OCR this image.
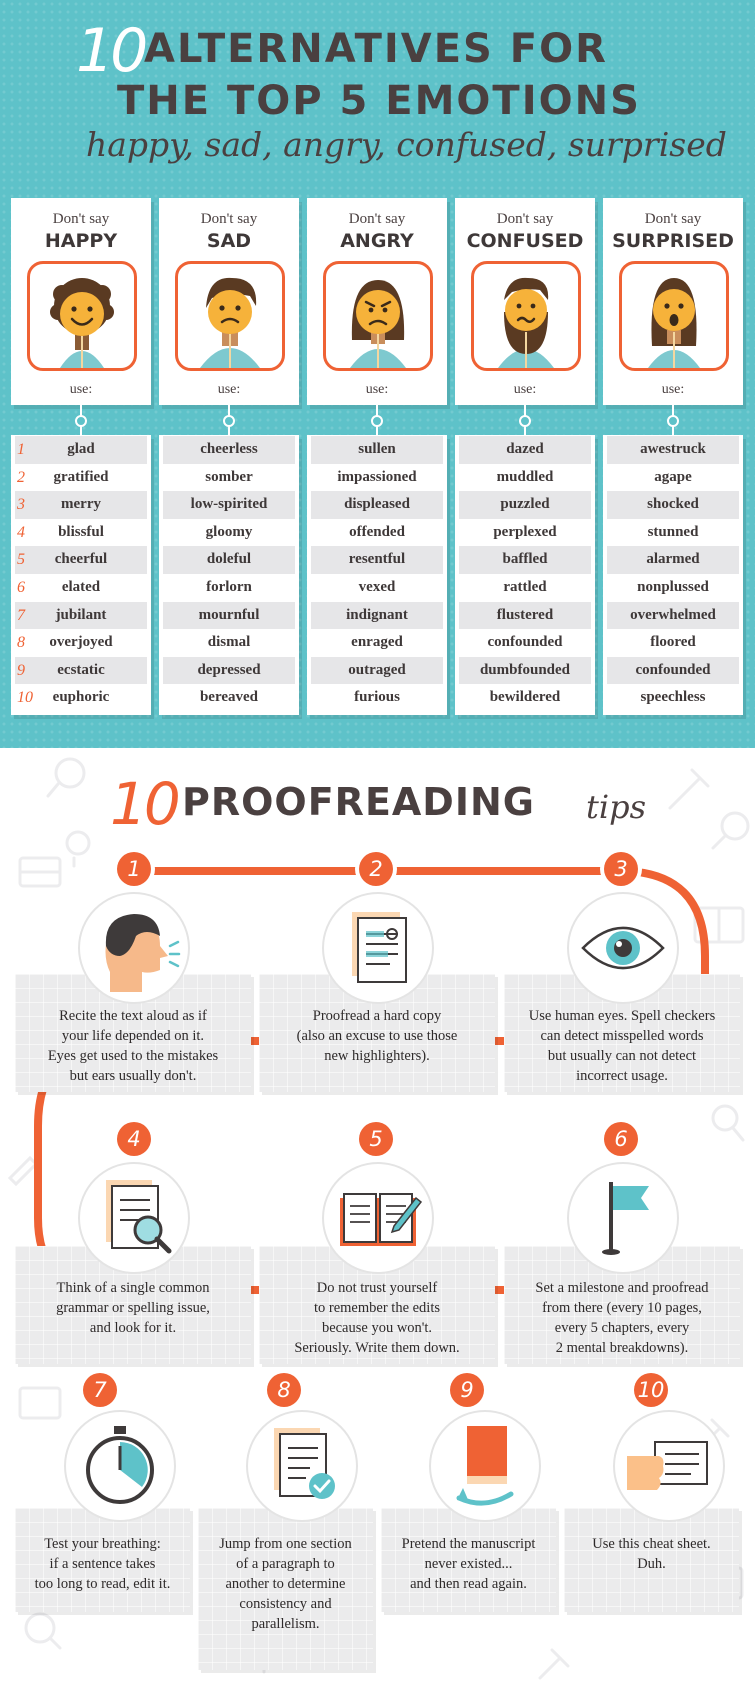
10 ALTERNATIVES FOR
THE TOP 5 EMOTIONS
happy, sad, angry, confused, surprised
Don't say
HAPPY
use:
glad
gratified
merry
blissful
cheerful
elated
jubilant
overjoyed
ecstatic
euphoric
Don't say
SAD
use:
cheerless
somber
low-spirited
gloomy
doleful
forlorn
mournful
dismal
depressed
bereaved
Don't say
ANGRY
use:
sullen
impassioned
displeased
offended
resentful
vexed
indignant
enraged
outraged
furious
Don't say
CONFUSED
use:
dazed
muddled
puzzled
perplexed
baffled
rattled
flustered
confounded
dumbfounded
bewildered
Don't say
SURPRISED
use:
awestruck
agape
shocked
stunned
alarmed
nonplussed
overwhelmed
floored
confounded
speechless
1
2
3
4
5
6
7
8
9
10
10 PROOFREADING tips
Recite the text aloud as if
your life depended on it.
Eyes get used to the mistakes
but ears usually don't.
1
Proofread a hard copy
(also an excuse to use those
new highlighters).
2
Use human eyes. Spell checkers
can detect misspelled words
but usually can not detect
incorrect usage.
3
Think of a single common
grammar or spelling issue,
and look for it.
4
Do not trust yourself
to remember the edits
because you won't.
Seriously. Write them down.
5
Set a milestone and proofread
from there (every 10 pages,
every 5 chapters, every
2 mental breakdowns).
6
Test your breathing:
if a sentence takes
too long to read, edit it.
7
Jump from one section
of a paragraph to
another to determine
consistency and
parallelism.
8
Pretend the manuscript
never existed...
and then read again.
9
Use this cheat sheet.
Duh.
10
